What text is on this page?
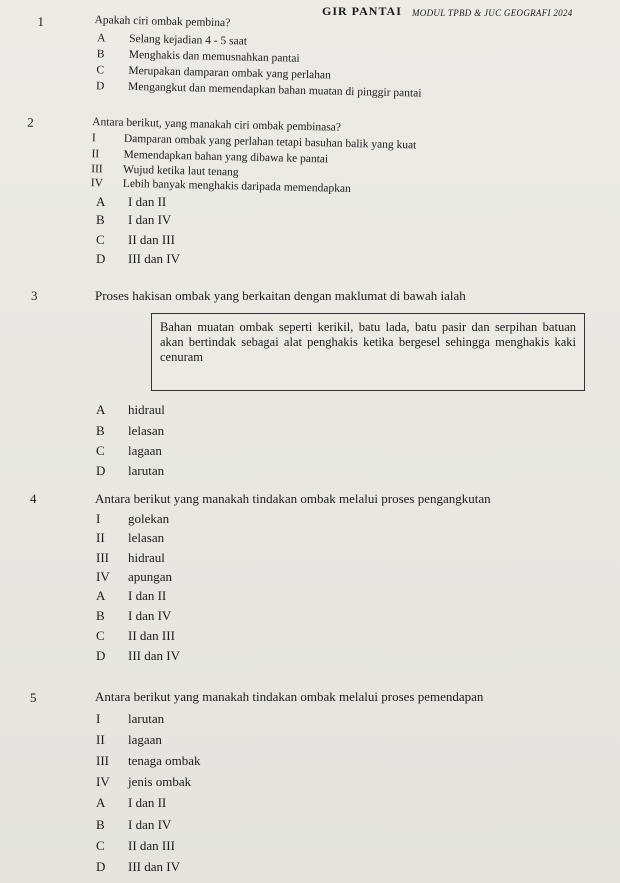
GIR PANTAI MODUL TPBD & JUC GEOGRAFI 2024
1	Apakah ciri ombak pembina?
A Selang kejadian 4 - 5 saat
B Menghakis dan memusnahkan pantai
C Merupakan damparan ombak yang perlahan
D Mengangkut dan memendapkan bahan muatan di pinggir pantai
2	Antara berikut, yang manakah ciri ombak pembinasa?
I Damparan ombak yang perlahan tetapi basuhan balik yang kuat
II Memendapkan bahan yang dibawa ke pantai
III Wujud ketika laut tenang
IV Lebih banyak menghakis daripada memendapkan
A I dan II
B I dan IV
C II dan III
D III dan IV
3	Proses hakisan ombak yang berkaitan dengan maklumat di bawah ialah

Bahan muatan ombak seperti kerikil, batu lada, batu pasir dan serpihan batuan akan bertindak sebagai alat penghakis ketika bergesel sehingga menghakis kaki cenuram

A hidraul
B lelasan
C lagaan
D larutan
4	Antara berikut yang manakah tindakan ombak melalui proses pengangkutan
I golekan
II lelasan
III hidraul
IV apungan
A I dan II
B I dan IV
C II dan III
D III dan IV
5	Antara berikut yang manakah tindakan ombak melalui proses pemendapan
I larutan
II lagaan
III tenaga ombak
IV jenis ombak
A I dan II
B I dan IV
C II dan III
D III dan IV
